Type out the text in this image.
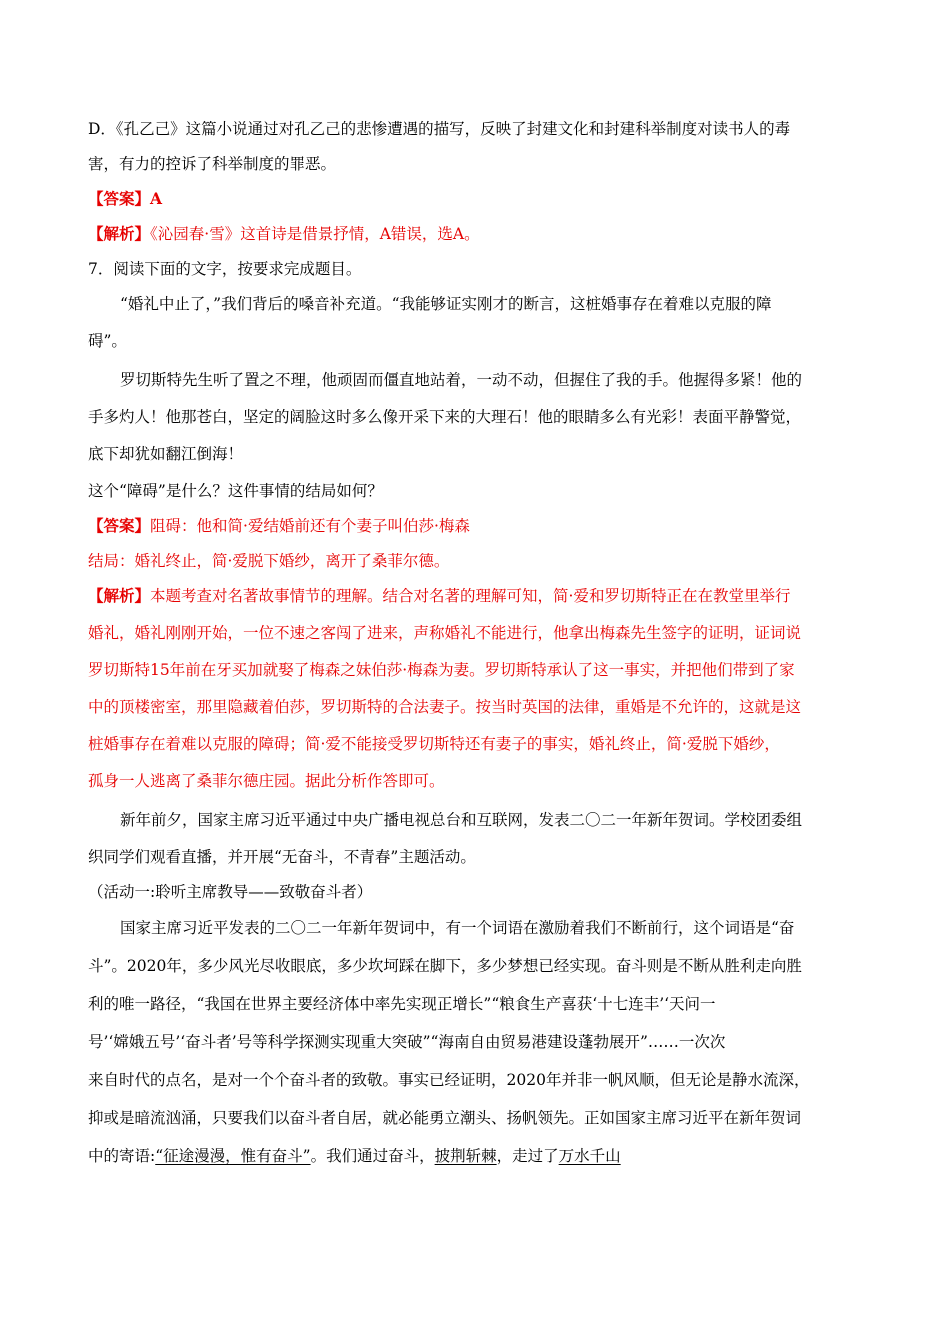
D．《孔乙己》这篇小说通过对孔乙己的悲惨遭遇的描写，反映了封建文化和封建科举制度对读书人的毒
害，有力的控诉了科举制度的罪恶。
【答案】A
【解析】《沁园春·雪》这首诗是借景抒情，A错误，选A。
7．阅读下面的文字，按要求完成题目。
“婚礼中止了，”我们背后的嗓音补充道。“我能够证实刚才的断言，这桩婚事存在着难以克服的障
碍”。
罗切斯特先生听了置之不理，他顽固而僵直地站着，一动不动，但握住了我的手。他握得多紧！他的
手多灼人！他那苍白，坚定的阔脸这时多么像开采下来的大理石！他的眼睛多么有光彩！表面平静警觉，
底下却犹如翻江倒海！
这个“障碍”是什么？这件事情的结局如何？
【答案】阻碍：他和简·爱结婚前还有个妻子叫伯莎·梅森
结局：婚礼终止，简·爱脱下婚纱，离开了桑菲尔德。
【解析】本题考查对名著故事情节的理解。结合对名著的理解可知，简·爱和罗切斯特正在在教堂里举行
婚礼，婚礼刚刚开始，一位不速之客闯了进来，声称婚礼不能进行，他拿出梅森先生签字的证明，证词说
罗切斯特15年前在牙买加就娶了梅森之妹伯莎·梅森为妻。罗切斯特承认了这一事实，并把他们带到了家
中的顶楼密室，那里隐藏着伯莎，罗切斯特的合法妻子。按当时英国的法律，重婚是不允许的，这就是这
桩婚事存在着难以克服的障碍；简·爱不能接受罗切斯特还有妻子的事实，婚礼终止，简·爱脱下婚纱，
孤身一人逃离了桑菲尔德庄园。据此分析作答即可。
新年前夕，国家主席习近平通过中央广播电视总台和互联网，发表二〇二一年新年贺词。学校团委组
织同学们观看直播，并开展“无奋斗，不青春”主题活动。
（活动一:聆听主席教导——致敬奋斗者）
国家主席习近平发表的二〇二一年新年贺词中，有一个词语在激励着我们不断前行，这个词语是“奋
斗”。2020年，多少风光尽收眼底，多少坎坷踩在脚下，多少梦想已经实现。奋斗则是不断从胜利走向胜
利的唯一路径，“我国在世界主要经济体中率先实现正增长”“粮食生产喜获‘十七连丰’‘天问一
号’‘嫦娥五号’‘奋斗者’号等科学探测实现重大突破”“海南自由贸易港建设蓬勃展开”……一次次
来自时代的点名，是对一个个奋斗者的致敬。事实已经证明，2020年并非一帆风顺，但无论是静水流深，
抑或是暗流汹涌，只要我们以奋斗者自居，就必能勇立潮头、扬帆领先。正如国家主席习近平在新年贺词
中的寄语:“征途漫漫，惟有奋斗”。我们通过奋斗，披荆斩棘，走过了万水千山
